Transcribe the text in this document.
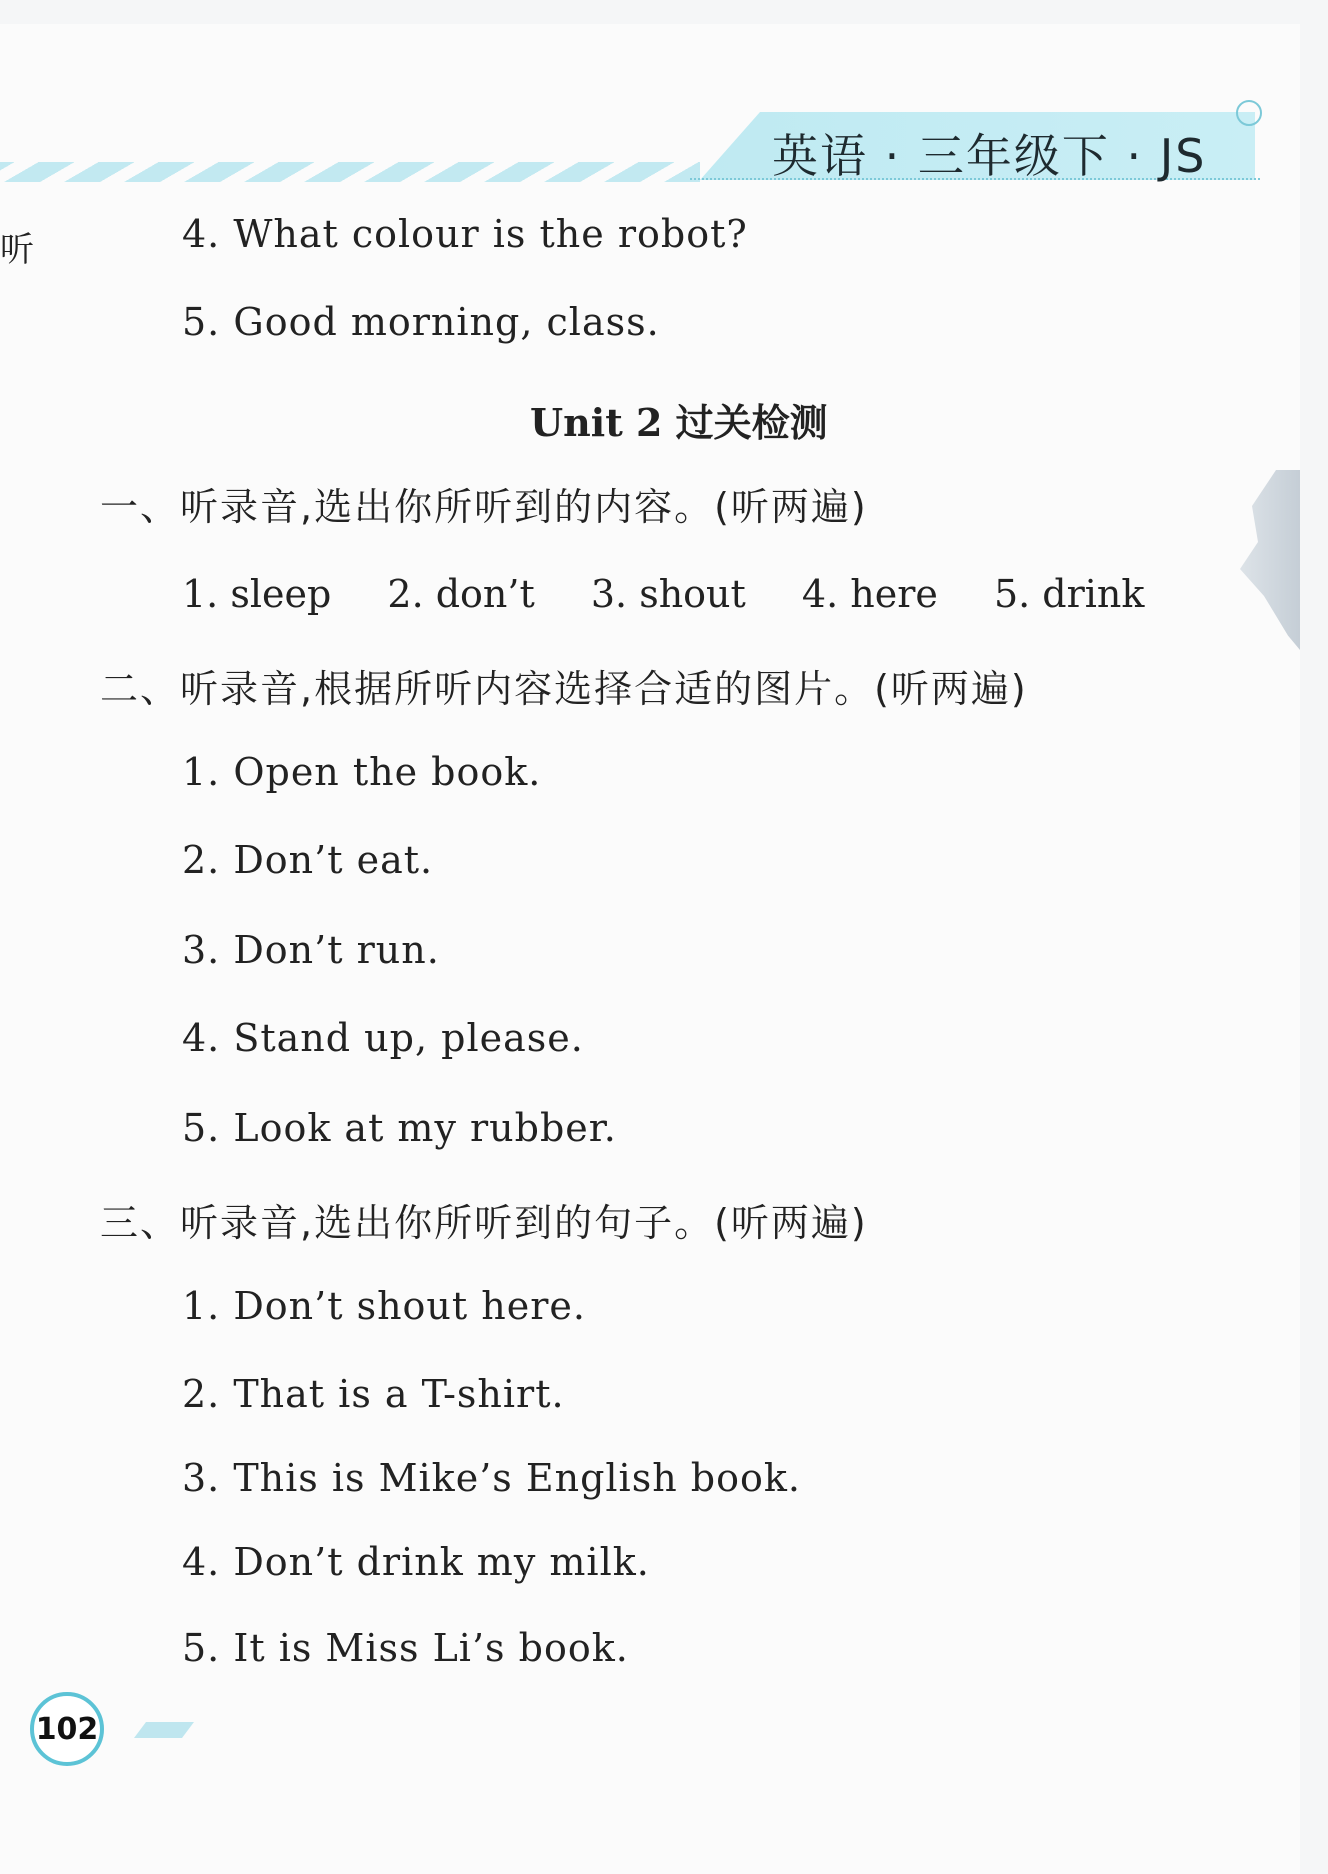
英语 · 三年级下 · JS
听	4. What colour is the robot?
5. Good morning, class.
Unit 2 过关检测
一、听录音,选出你所听到的内容。(听两遍)
1. sleep 2. don’t 3. shout 4. here 5. drink
二、听录音,根据所听内容选择合适的图片。(听两遍)
1. Open the book.
2. Don’t eat.
3. Don’t run.
4. Stand up, please.
5. Look at my rubber.
三、听录音,选出你所听到的句子。(听两遍)
1. Don’t shout here.
2. That is a T-shirt.
3. This is Mike’s English book.
4. Don’t drink my milk.
5. It is Miss Li’s book.
102
